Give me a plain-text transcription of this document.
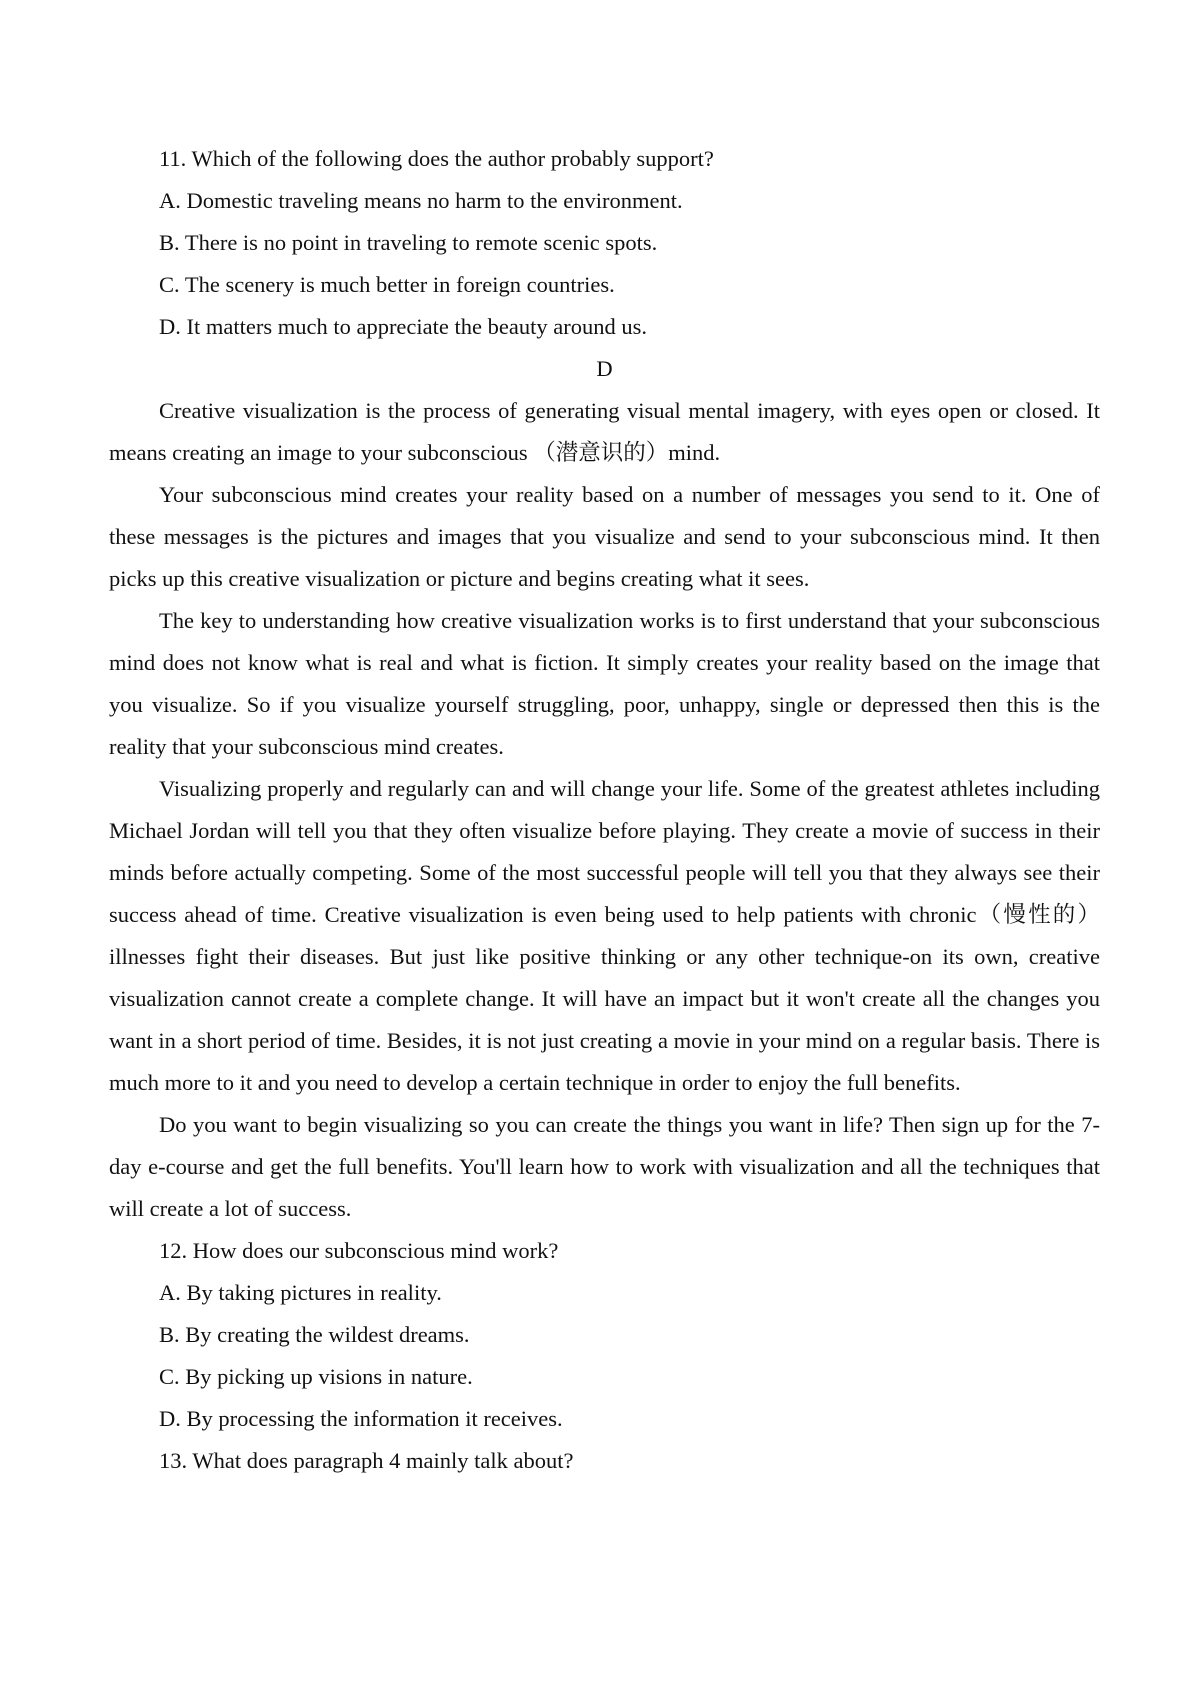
11. Which of the following does the author probably support?
A. Domestic traveling means no harm to the environment.
B. There is no point in traveling to remote scenic spots.
C. The scenery is much better in foreign countries.
D. It matters much to appreciate the beauty around us.
D

Creative visualization is the process of generating visual mental imagery, with eyes open or closed. It means creating an image to your subconscious （潜意识的）mind.

Your subconscious mind creates your reality based on a number of messages you send to it. One of these messages is the pictures and images that you visualize and send to your subconscious mind. It then picks up this creative visualization or picture and begins creating what it sees.

The key to understanding how creative visualization works is to first understand that your subconscious mind does not know what is real and what is fiction. It simply creates your reality based on the image that you visualize. So if you visualize yourself struggling, poor, unhappy, single or depressed then this is the reality that your subconscious mind creates.

Visualizing properly and regularly can and will change your life. Some of the greatest athletes including Michael Jordan will tell you that they often visualize before playing. They create a movie of success in their minds before actually competing. Some of the most successful people will tell you that they always see their success ahead of time. Creative visualization is even being used to help patients with chronic（慢性的）illnesses fight their diseases. But just like positive thinking or any other technique-on its own, creative visualization cannot create a complete change. It will have an impact but it won't create all the changes you want in a short period of time. Besides, it is not just creating a movie in your mind on a regular basis. There is much more to it and you need to develop a certain technique in order to enjoy the full benefits.

Do you want to begin visualizing so you can create the things you want in life? Then sign up for the 7-day e-course and get the full benefits. You'll learn how to work with visualization and all the techniques that will create a lot of success.

12. How does our subconscious mind work?
A. By taking pictures in reality.
B. By creating the wildest dreams.
C. By picking up visions in nature.
D. By processing the information it receives.
13. What does paragraph 4 mainly talk about?
